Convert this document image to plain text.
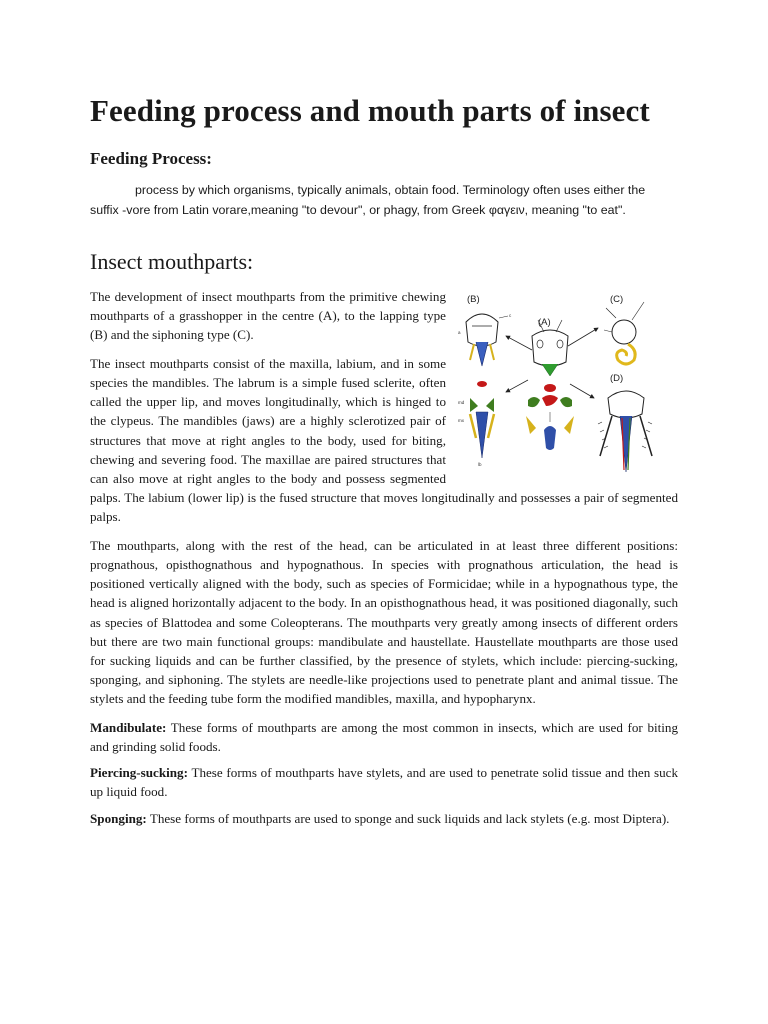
Feeding process and mouth parts of insect
Feeding Process:

process by which organisms, typically animals, obtain food. Terminology often uses either the suffix -vore from Latin vorare,meaning "to devour", or phagy, from Greek φαγειν, meaning "to eat".

Insect mouthparts:
(B)
(A)
(C)
(D)
c
a
md
mx
lb

The development of insect mouthparts from the primitive chewing mouthparts of a grasshopper in the centre (A), to the lapping type (B) and the siphoning type (C).

The insect mouthparts consist of the maxilla, labium, and in some species the mandibles. The labrum is a simple fused sclerite, often called the upper lip, and moves longitudinally, which is hinged to the clypeus. The mandibles (jaws) are a highly sclerotized pair of structures that move at right angles to the body, used for biting, chewing and severing food. The maxillae are paired structures that can also move at right angles to the body and possess segmented palps. The labium (lower lip) is the fused structure that moves longitudinally and possesses a pair of segmented palps.

The mouthparts, along with the rest of the head, can be articulated in at least three different positions: prognathous, opisthognathous and hypognathous. In species with prognathous articulation, the head is positioned vertically aligned with the body, such as species of Formicidae; while in a hypognathous type, the head is aligned horizontally adjacent to the body. In an opisthognathous head, it was positioned diagonally, such as species of Blattodea and some Coleopterans. The mouthparts very greatly among insects of different orders but there are two main functional groups: mandibulate and haustellate. Haustellate mouthparts are those used for sucking liquids and can be further classified, by the presence of stylets, which include: piercing-sucking, sponging, and siphoning. The stylets are needle-like projections used to penetrate plant and animal tissue. The stylets and the feeding tube form the modified mandibles, maxilla, and hypopharynx.

Mandibulate: These forms of mouthparts are among the most common in insects, which are used for biting and grinding solid foods.

Piercing-sucking: These forms of mouthparts have stylets, and are used to penetrate solid tissue and then suck up liquid food.

Sponging: These forms of mouthparts are used to sponge and suck liquids and lack stylets (e.g. most Diptera).
